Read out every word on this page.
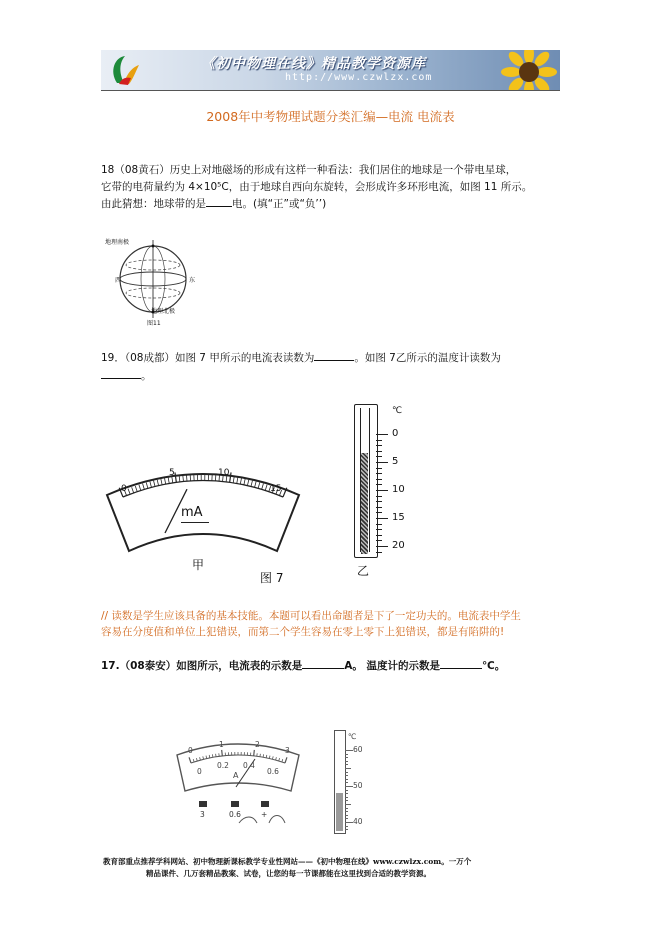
《初中物理在线》精品教学资源库
http://www.czwlzx.com
2008年中考物理试题分类汇编—电流 电流表
18（08黄石）历史上对地磁场的形成有这样一种看法：我们居住的地球是一个带电星球，
它带的电荷量约为 4×10⁵C，由于地球自西向东旋转，会形成许多环形电流，如图 11 所示。
由此猜想：地球带的是 电。(填“正”或“负’’)
地理南极
西	东
地理北极
图11
19．（08成都）如图 7 甲所示的电流表读数为	。如图 7乙所示的温度计读数为
。
mA
0
5	10
15
甲
图 7
℃
0
5
10
15
20
乙
// 读数是学生应该具备的基本技能。本题可以看出命题者是下了一定功夫的。电流表中学生
容易在分度值和单位上犯错误，而第二个学生容易在零上零下上犯错误，都是有陷阱的!
17.（08泰安）如图所示，电流表的示数是	A。 温度计的示数是	℃。
0
1	2
3
0
0.2 0.4
0.6
A
3	0.6	+
℃
60
50
40
教育部重点推荐学科网站、初中物理新课标教学专业性网站——《初中物理在线》www.czwlzx.com。一万个
精品课件、几万套精品教案、试卷，让您的每一节课都能在这里找到合适的教学资源。
